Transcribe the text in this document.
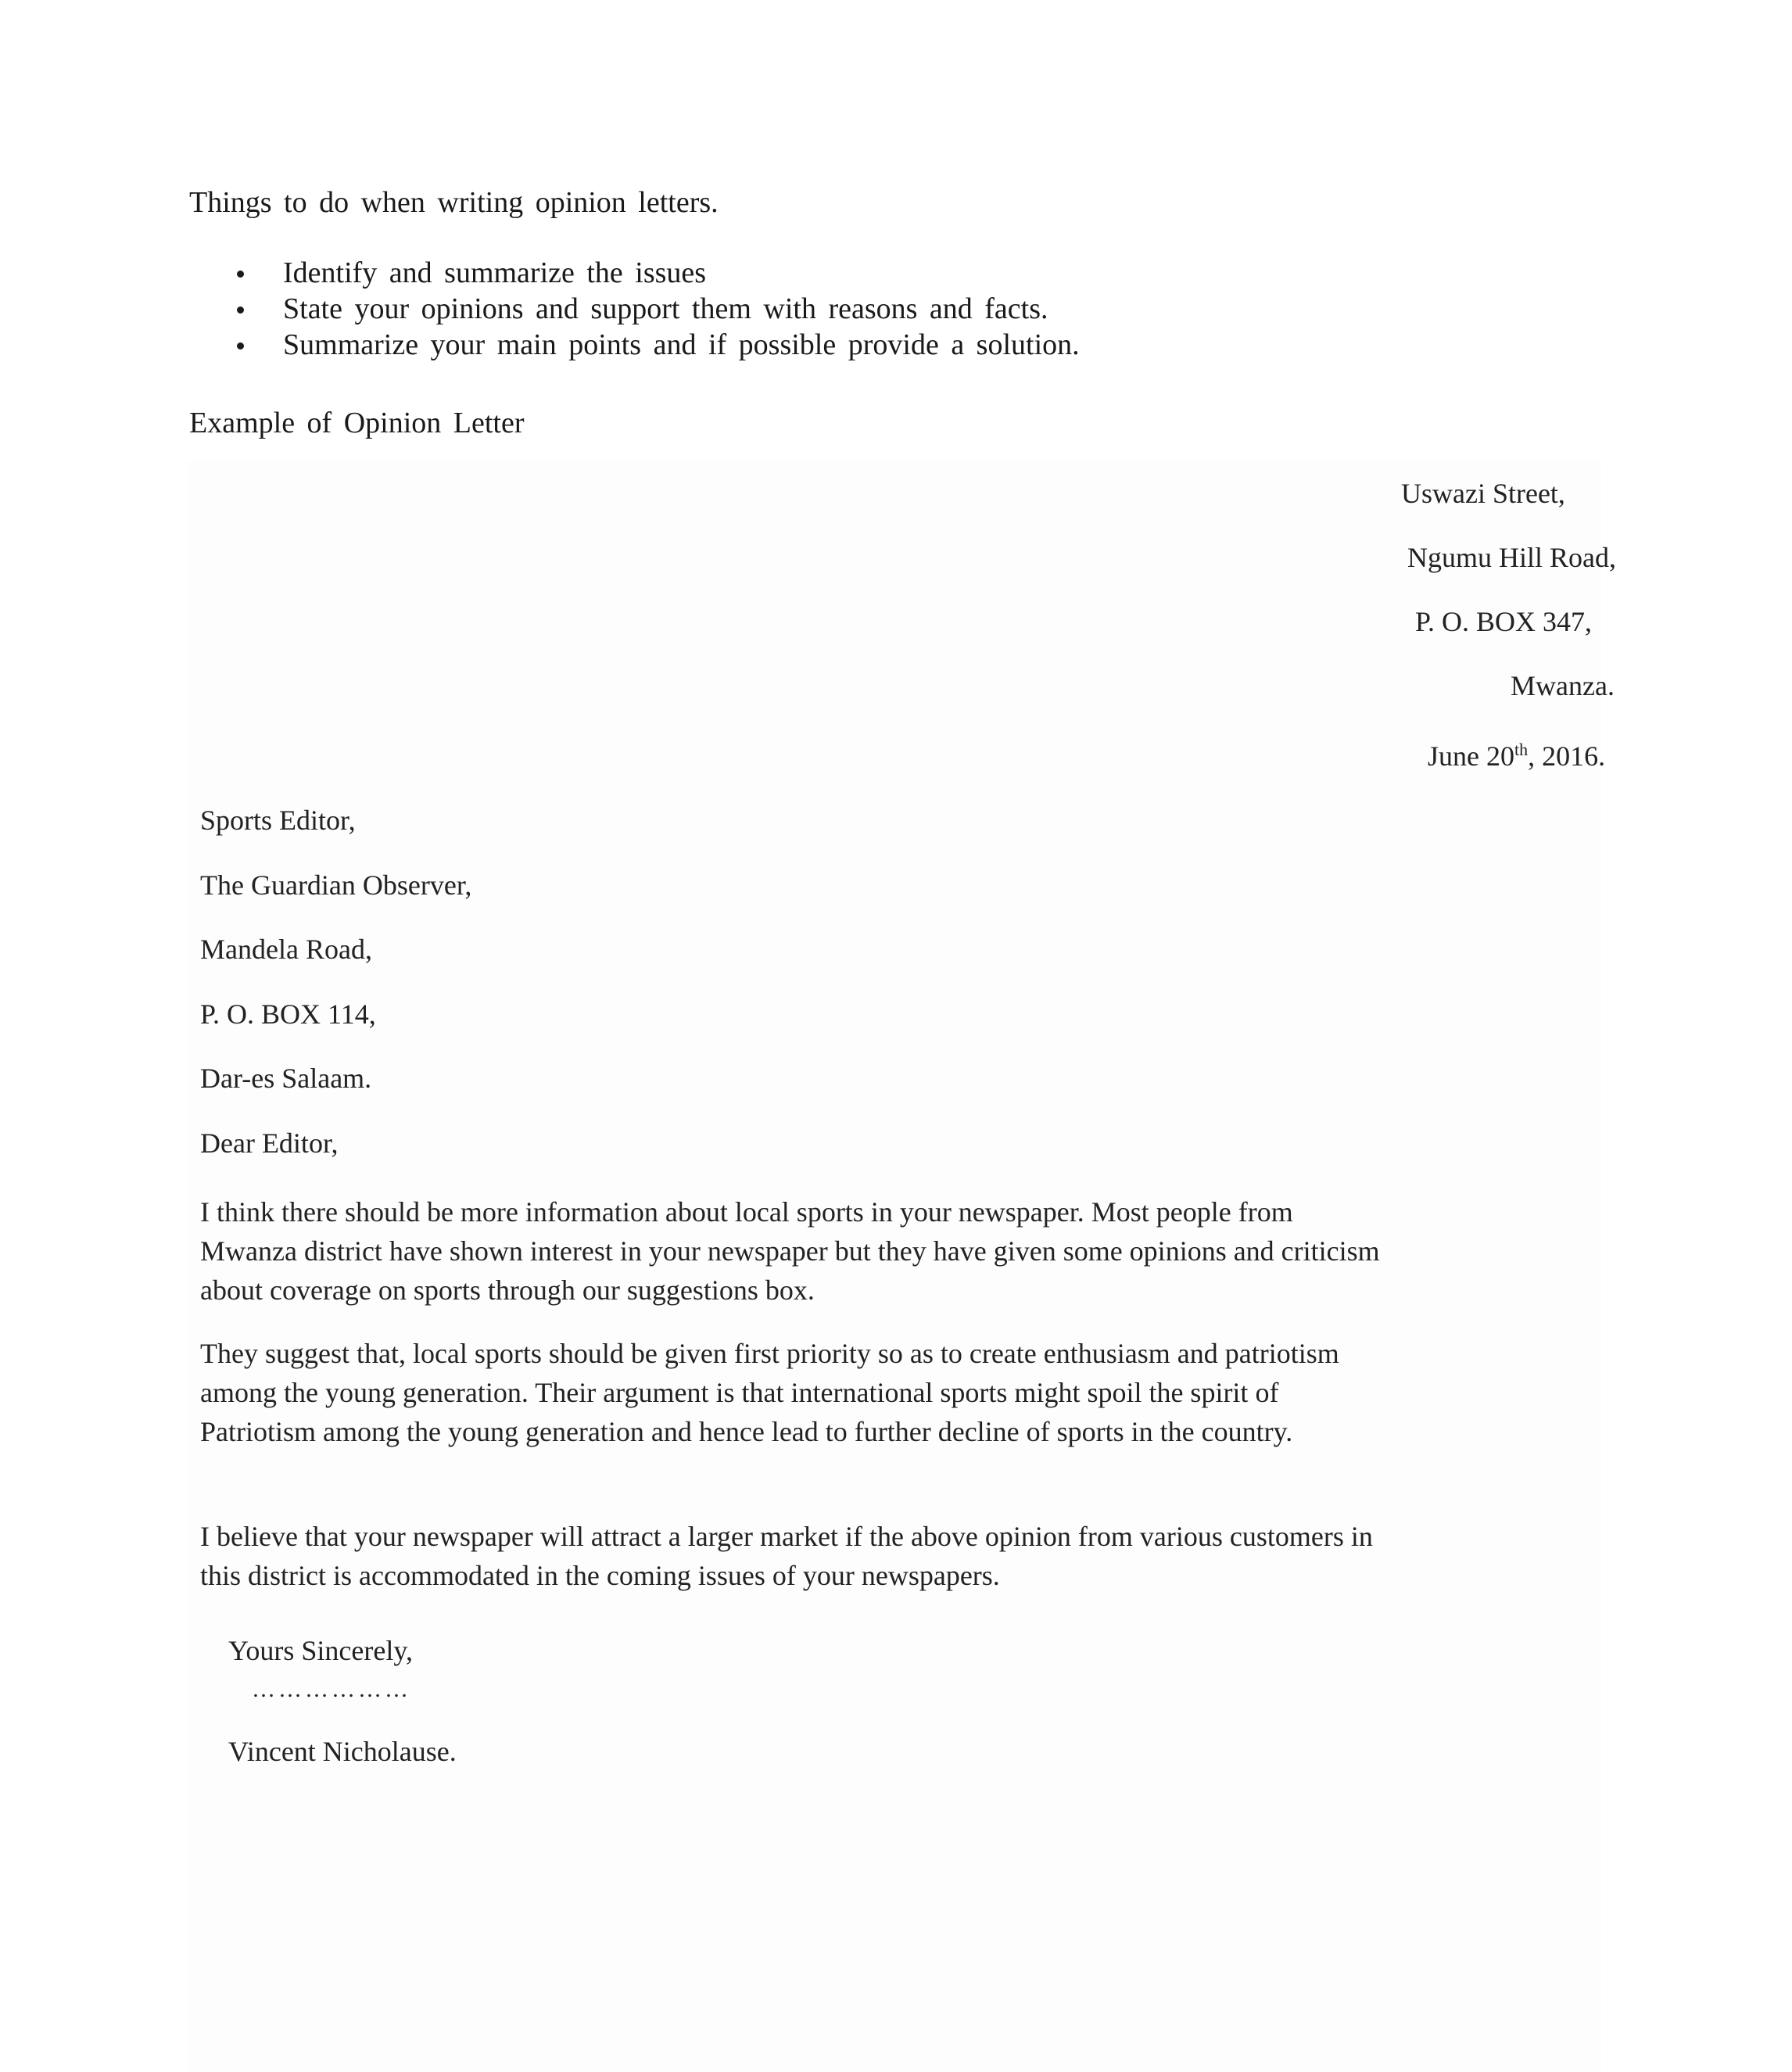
Things to do when writing opinion letters.

Identify and summarize the issues
State your opinions and support them with reasons and facts.
Summarize your main points and if possible provide a solution.

Example of Opinion Letter

Uswazi Street,
Ngumu Hill Road,
P. O. BOX 347,
Mwanza.
June 20th, 2016.
Sports Editor,
The Guardian Observer,
Mandela Road,
P. O. BOX 114,
Dar-es Salaam.
Dear Editor,

I think there should be more information about local sports in your newspaper. Most people from Mwanza district have shown interest in your newspaper but they have given some opinions and criticism about coverage on sports through our suggestions box.

They suggest that, local sports should be given first priority so as to create enthusiasm and patriotism among the young generation. Their argument is that international sports might spoil the spirit of Patriotism among the young generation and hence lead to further decline of sports in the country.

I believe that your newspaper will attract a larger market if the above opinion from various customers in this district is accommodated in the coming issues of your newspapers.

Yours Sincerely,
………………
Vincent Nicholause.
